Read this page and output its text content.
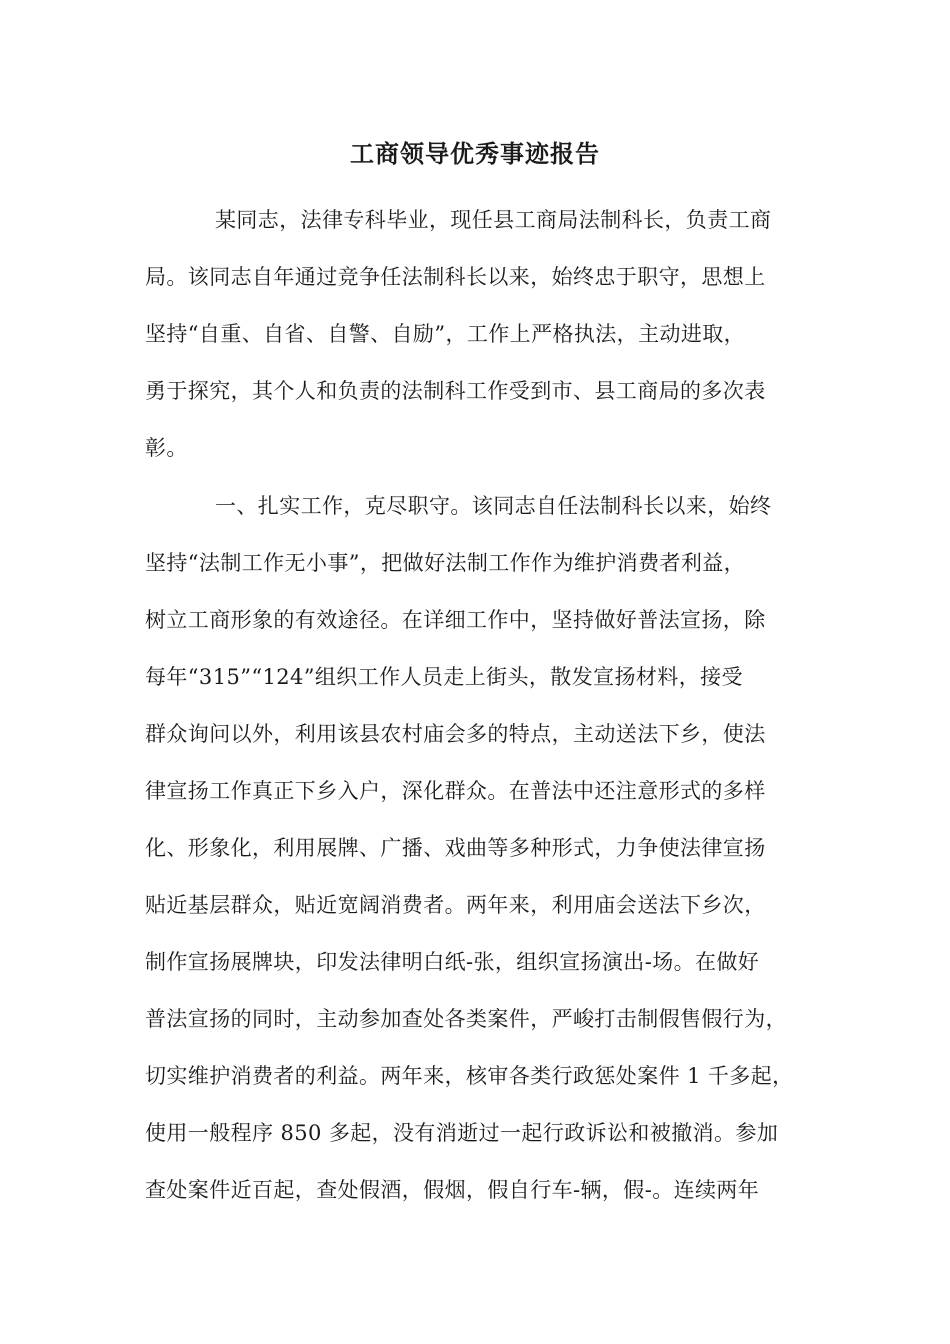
工商领导优秀事迹报告
某同志，法律专科毕业，现任县工商局法制科长，负责工商
局。该同志自年通过竞争任法制科长以来，始终忠于职守，思想上
坚持“自重、自省、自警、自励”，工作上严格执法，主动进取，
勇于探究，其个人和负责的法制科工作受到市、县工商局的多次表
彰。
一、扎实工作，克尽职守。该同志自任法制科长以来，始终
坚持“法制工作无小事”，把做好法制工作作为维护消费者利益，
树立工商形象的有效途径。在详细工作中，坚持做好普法宣扬，除
每年“315”“124”组织工作人员走上街头，散发宣扬材料，接受
群众询问以外，利用该县农村庙会多的特点，主动送法下乡，使法
律宣扬工作真正下乡入户，深化群众。在普法中还注意形式的多样
化、形象化，利用展牌、广播、戏曲等多种形式，力争使法律宣扬
贴近基层群众，贴近宽阔消费者。两年来，利用庙会送法下乡次，
制作宣扬展牌块，印发法律明白纸-张，组织宣扬演出-场。在做好
普法宣扬的同时，主动参加查处各类案件，严峻打击制假售假行为，
切实维护消费者的利益。两年来，核审各类行政惩处案件 1 千多起，
使用一般程序 850 多起，没有消逝过一起行政诉讼和被撤消。参加
查处案件近百起，查处假酒，假烟，假自行车-辆，假-。连续两年
